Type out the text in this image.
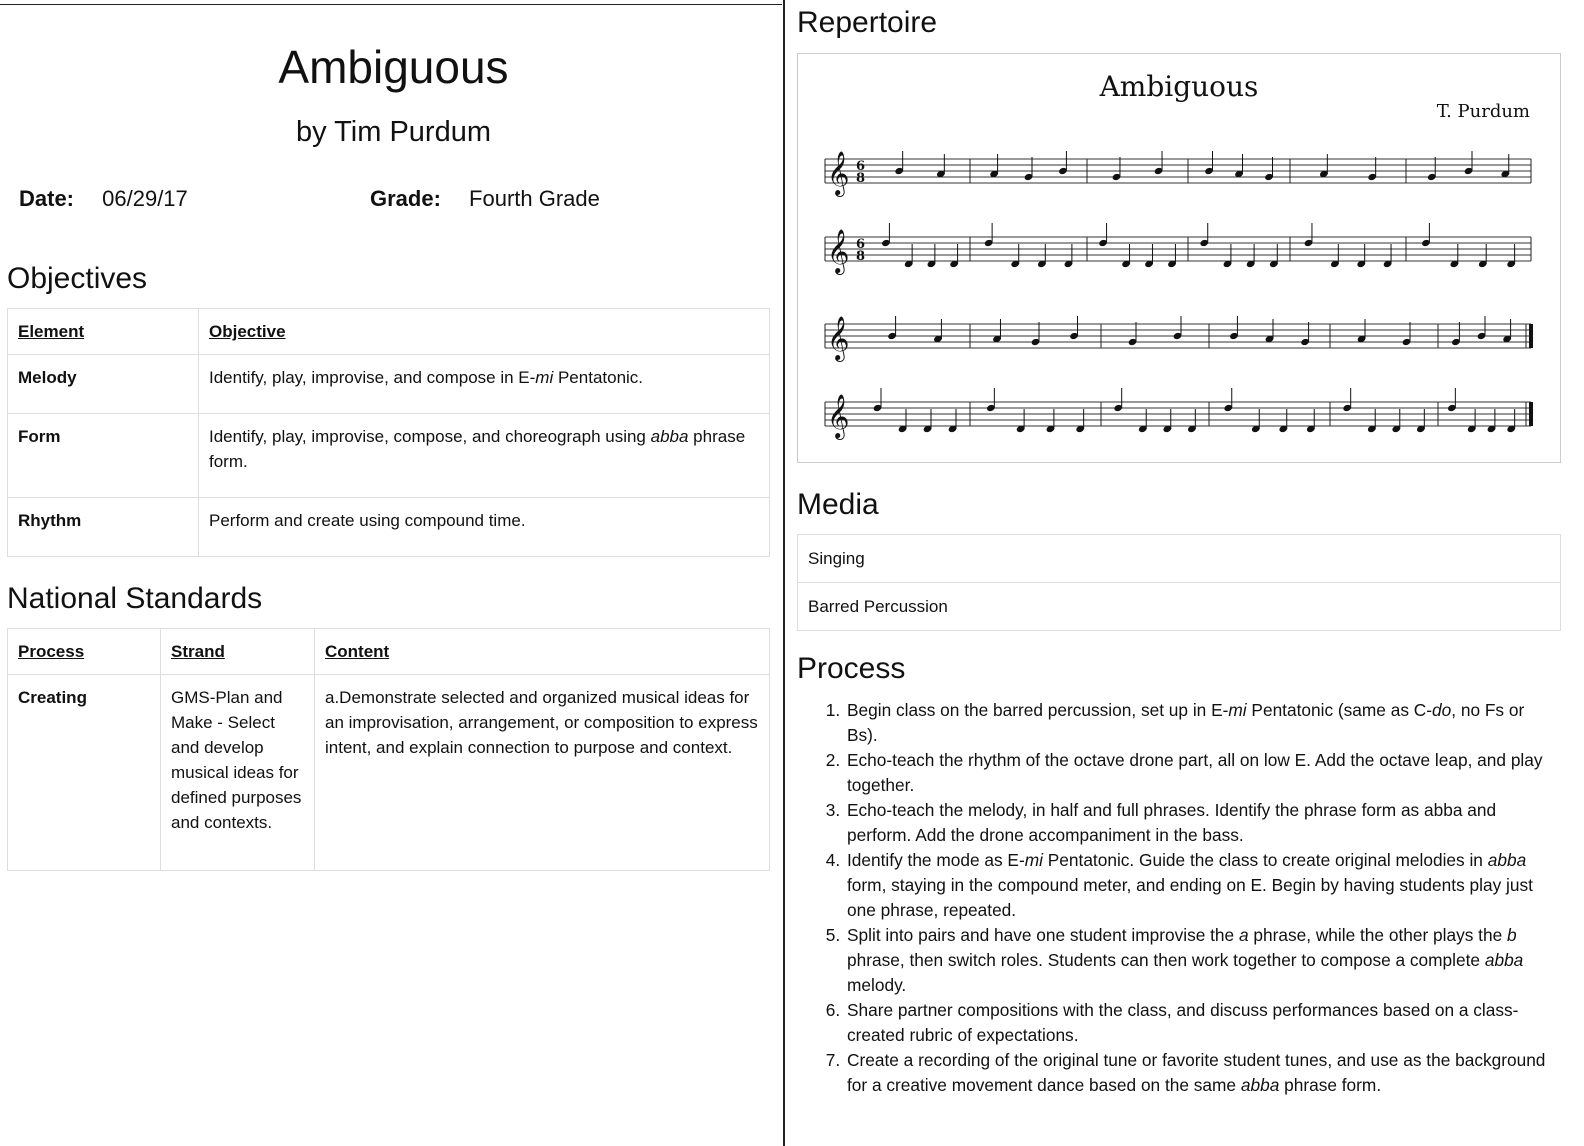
Ambiguous
by Tim Purdum
Date: 06/29/17	Grade: Fourth Grade
Objectives
Element	Objective
Melody	Identify, play, improvise, and compose in E-mi Pentatonic.
Form	Identify, play, improvise, compose, and choreograph using abba phrase form.
Rhythm	Perform and create using compound time.
National Standards
Process	Strand	Content
Creating	GMS-Plan and Make - Select and develop musical ideas for defined purposes and contexts.	a.Demonstrate selected and organized musical ideas for an improvisation, arrangement, or composition to express intent, and explain connection to purpose and context.
Repertoire
Ambiguous
T. Purdum
𝄞 6
8
𝄞 6
8
𝄞
𝄞
Media
Singing
Barred Percussion
Process
1. Begin class on the barred percussion, set up in E-mi Pentatonic (same as C-do, no Fs or Bs).
2. Echo-teach the rhythm of the octave drone part, all on low E. Add the octave leap, and play together.
3. Echo-teach the melody, in half and full phrases. Identify the phrase form as abba and perform. Add the drone accompaniment in the bass.
4. Identify the mode as E-mi Pentatonic. Guide the class to create original melodies in abba form, staying in the compound meter, and ending on E. Begin by having students play just one phrase, repeated.
5. Split into pairs and have one student improvise the a phrase, while the other plays the b phrase, then switch roles. Students can then work together to compose a complete abba melody.
6. Share partner compositions with the class, and discuss performances based on a class-created rubric of expectations.
7. Create a recording of the original tune or favorite student tunes, and use as the background for a creative movement dance based on the same abba phrase form.
